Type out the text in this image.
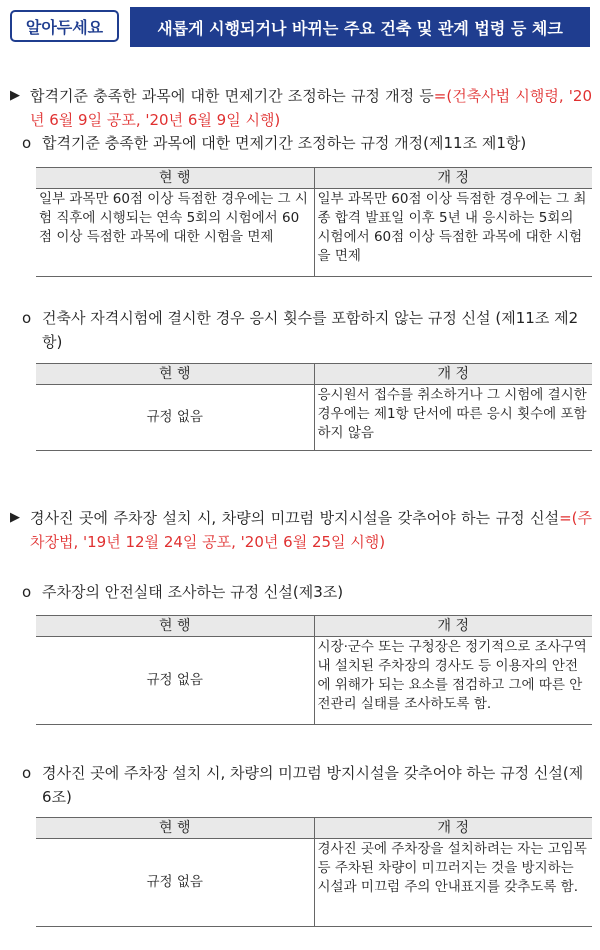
알아두세요	새롭게 시행되거나 바뀌는 주요 건축 및 관계 법령 등 체크
▶ 합격기준 충족한 과목에 대한 면제기간 조정하는 규정 개정 등=(건축사법 시행령, '20년 6월 9일 공포, '20년 6월 9일 시행)
o 합격기준 충족한 과목에 대한 면제기간 조정하는 규정 개정(제11조 제1항)
현 행	개 정
일부 과목만 60점 이상 득점한 경우에는 그 시험 직후에 시행되는 연속 5회의 시험에서 60점 이상 득점한 과목에 대한 시험을 면제	일부 과목만 60점 이상 득점한 경우에는 그 최종 합격 발표일 이후 5년 내 응시하는 5회의 시험에서 60점 이상 득점한 과목에 대한 시험을 면제
o 건축사 자격시험에 결시한 경우 응시 횟수를 포함하지 않는 규정 신설 (제11조 제2항)
현 행	개 정
규정 없음	응시원서 접수를 취소하거나 그 시험에 결시한 경우에는 제1항 단서에 따른 응시 횟수에 포함하지 않음
▶ 경사진 곳에 주차장 설치 시, 차량의 미끄럼 방지시설을 갖추어야 하는 규정 신설=(주차장법, '19년 12월 24일 공포, '20년 6월 25일 시행)
o 주차장의 안전실태 조사하는 규정 신설(제3조)
현 행	개 정
규정 없음	시장·군수 또는 구청장은 정기적으로 조사구역 내 설치된 주차장의 경사도 등 이용자의 안전에 위해가 되는 요소를 점검하고 그에 따른 안전관리 실태를 조사하도록 함.
o 경사진 곳에 주차장 설치 시, 차량의 미끄럼 방지시설을 갖추어야 하는 규정 신설(제6조)
현 행	개 정
규정 없음	경사진 곳에 주차장을 설치하려는 자는 고임목 등 주차된 차량이 미끄러지는 것을 방지하는 시설과 미끄럼 주의 안내표지를 갖추도록 함.
